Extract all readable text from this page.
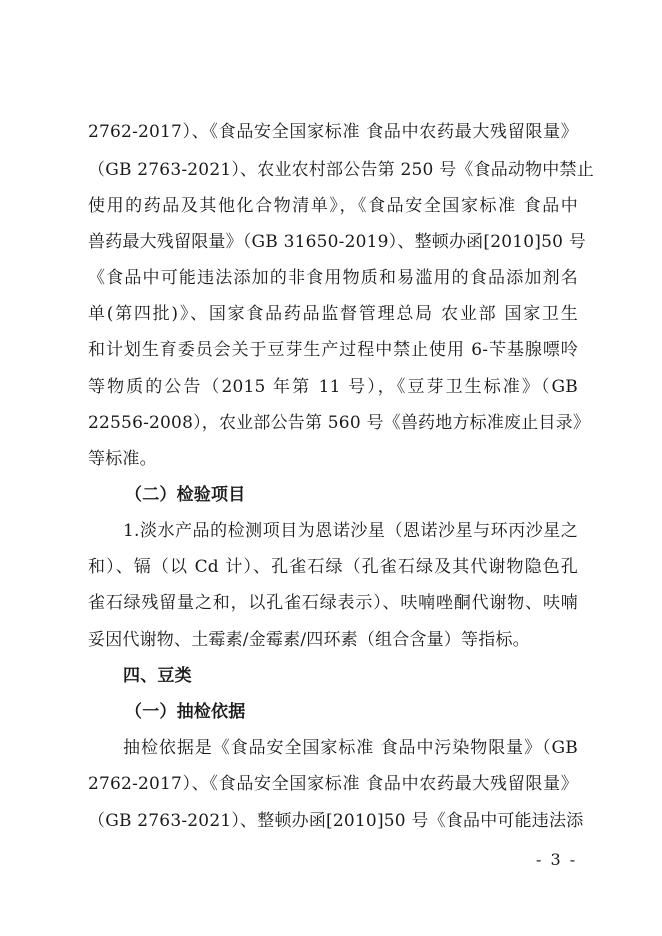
2762-2017）、《食品安全国家标准 食品中农药最大残留限量》
（GB 2763-2021）、农业农村部公告第 250 号《食品动物中禁止
使用的药品及其他化合物清单》，《食品安全国家标准 食品中
兽药最大残留限量》（GB 31650-2019）、整顿办函[2010]50 号
《食品中可能违法添加的非食用物质和易滥用的食品添加剂名
单(第四批)》、国家食品药品监督管理总局 农业部 国家卫生
和计划生育委员会关于豆芽生产过程中禁止使用 6-苄基腺嘌呤
等物质的公告（2015 年第 11 号），《豆芽卫生标准》（GB
22556-2008），农业部公告第 560 号《兽药地方标准废止目录》
等标准。
（二）检验项目
1.淡水产品的检测项目为恩诺沙星（恩诺沙星与环丙沙星之
和）、镉（以 Cd 计）、孔雀石绿（孔雀石绿及其代谢物隐色孔
雀石绿残留量之和，以孔雀石绿表示）、呋喃唑酮代谢物、呋喃
妥因代谢物、土霉素/金霉素/四环素（组合含量）等指标。
四、豆类
（一）抽检依据
抽检依据是《食品安全国家标准 食品中污染物限量》（GB
2762-2017）、《食品安全国家标准 食品中农药最大残留限量》
（GB 2763-2021）、整顿办函[2010]50 号《食品中可能违法添
- 3 -
